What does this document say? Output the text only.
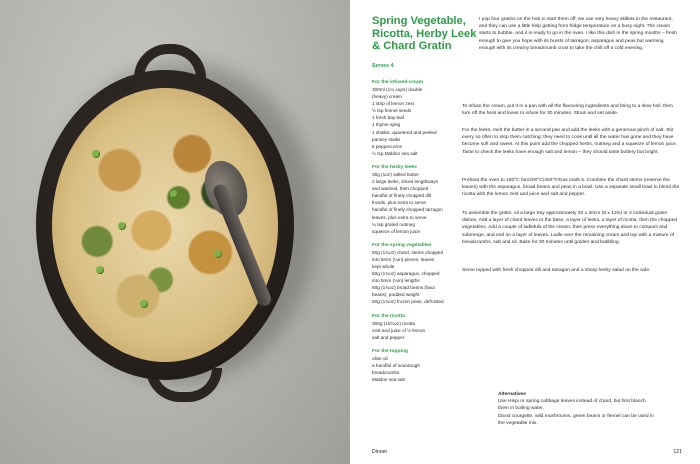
Spring Vegetable, Ricotta, Herby Leek & Chard Gratin

Serves 4

For the infused cream

300ml (1¼ cups) double

(heavy) cream

1 strip of lemon zest

½ tsp fennel seeds

1 fresh bay leaf

1 thyme sprig

1 shallot, quartered and peeled

parsley stalks

6 peppercorns

½ tsp Maldon sea salt

For the herby leeks

30g (1oz) salted butter

2 large leeks, sliced lengthways

and washed, then chopped

handful of finely chopped dill

fronds, plus extra to serve

handful of finely chopped tarragon

leaves, plus extra to serve

¼ tsp grated nutmeg

squeeze of lemon juice

For the spring vegetables

50g (1¾oz) chard, stems chopped

into 5mm (¼in) pieces, leaves

kept whole

50g (1¾oz) asparagus, chopped

into 5mm (¼in) lengths

50g (1¾oz) broad beans (fava

beans), podded weight

50g (1¾oz) frozen peas, defrosted

For the ricotta

300g (10½oz) ricotta

zest and juice of ½ lemon

salt and pepper

For the topping

olive oil

a handful of sourdough

breadcrumbs

Maldon sea salt

I pop four gratins on the hob to start them off; we use very heavy skillets in the restaurant, and they can use a little help getting from fridge temperature on a busy night. The cream starts to bubble, and it is ready to go in the oven. I like this dish in the spring months – fresh enough to give you hope with its bursts of tarragon, asparagus and peas but warming enough with its creamy breadcrumb crust to take the chill off a cold evening.

To infuse the cream, put it in a pan with all the flavouring ingredients and bring to a slow boil, then turn off the heat and leave to infuse for 30 minutes. Strain and set aside.

For the leeks, melt the butter in a second pan and add the leeks with a generous pinch of salt. Stir every so often to stop them catching; they need to cook until all the water has gone and they have become soft and sweet. At this point add the chopped herbs, nutmeg and a squeeze of lemon juice. Taste to check the leeks have enough salt and lemon – they should taste buttery but bright.

Preheat the oven to 180°C fan/200°C/400°F/Gas mark 6. Combine the chard stems (reserve the leaves) with the asparagus, broad beans and peas in a bowl. Use a separate small bowl to blend the ricotta with the lemon zest and juice and salt and pepper.

To assemble the gratin, oil a large tray approximately 20 x 30cm (8 x 12in) or 4 individual gratin dishes. Add a layer of chard leaves to the base, a layer of leeks, a layer of ricotta, then the chopped vegetables. Add a couple of ladlefuls of the cream, then press everything down to compact and submerge, and end on a layer of leaves. Ladle over the remaining cream and top with a mixture of breadcrumbs, salt and oil. Bake for 30 minutes until golden and bubbling.

Serve topped with fresh chopped dill and tarragon and a sharp herby salad on the side.

Alternatives

Use Hispi or spring cabbage leaves instead of chard, but first blanch

them in boiling water.

Diced courgette, wild mushrooms, green beans or fennel can be used in

the vegetable mix.

Dinner	121
